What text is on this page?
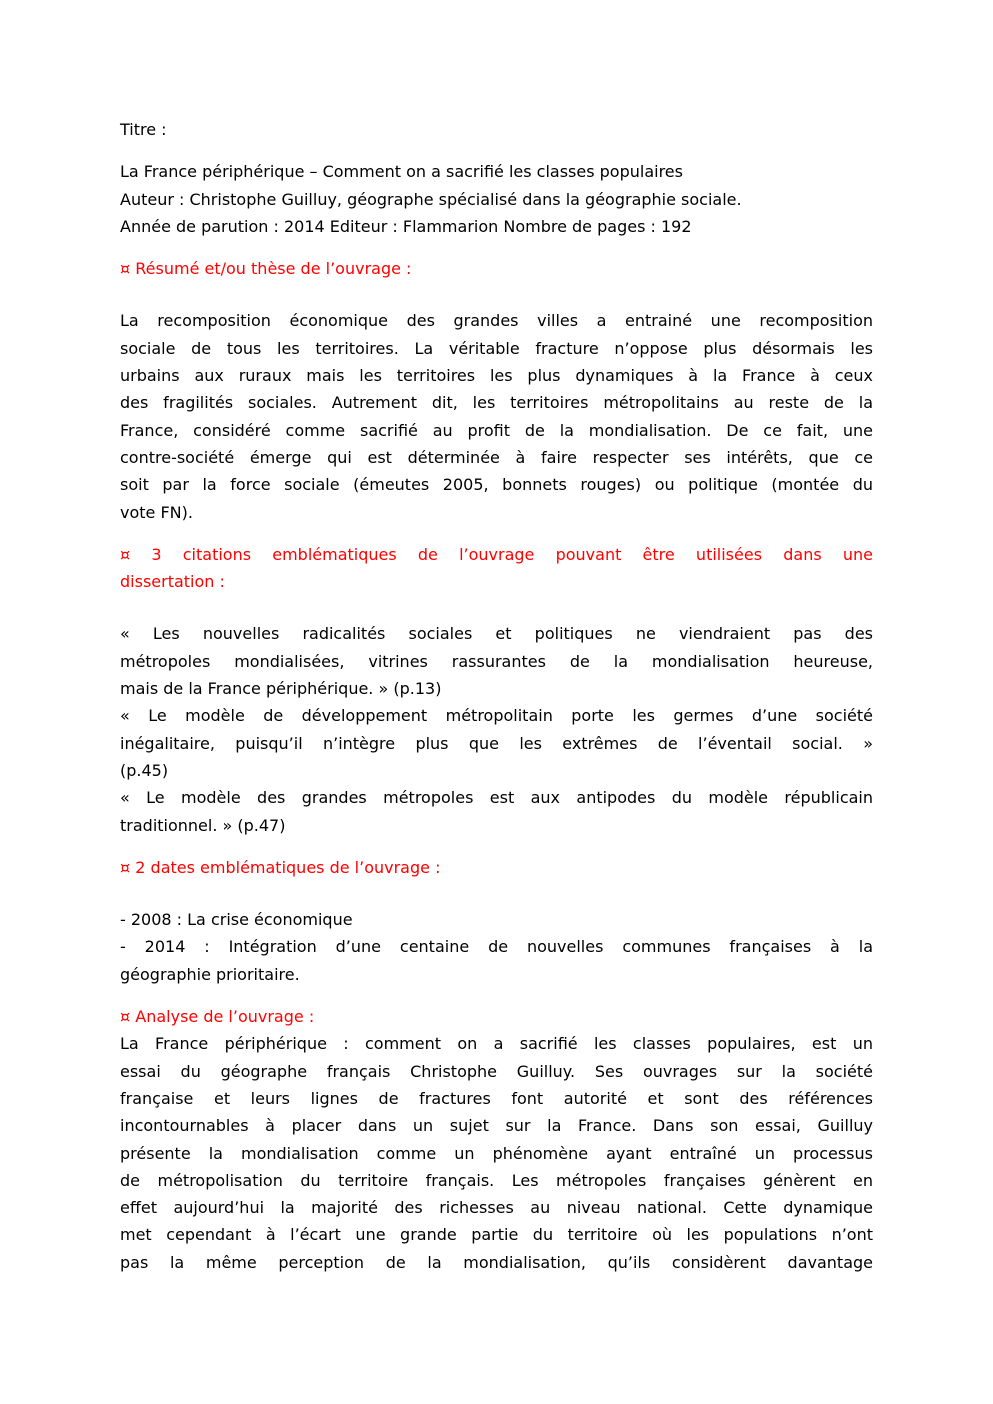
Titre :
La France périphérique – Comment on a sacrifié les classes populaires
Auteur : Christophe Guilluy, géographe spécialisé dans la géographie sociale.
Année de parution : 2014 Editeur : Flammarion Nombre de pages : 192
¤ Résumé et/ou thèse de l’ouvrage :
La recomposition économique des grandes villes a entrainé une recomposition
sociale de tous les territoires. La véritable fracture n’oppose plus désormais les
urbains aux ruraux mais les territoires les plus dynamiques à la France à ceux
des fragilités sociales. Autrement dit, les territoires métropolitains au reste de la
France, considéré comme sacrifié au profit de la mondialisation. De ce fait, une
contre-société émerge qui est déterminée à faire respecter ses intérêts, que ce
soit par la force sociale (émeutes 2005, bonnets rouges) ou politique (montée du
vote FN).
¤ 3 citations emblématiques de l’ouvrage pouvant être utilisées dans une
dissertation :
« Les nouvelles radicalités sociales et politiques ne viendraient pas des
métropoles mondialisées, vitrines rassurantes de la mondialisation heureuse,
mais de la France périphérique. » (p.13)
« Le modèle de développement métropolitain porte les germes d’une société
inégalitaire, puisqu’il n’intègre plus que les extrêmes de l’éventail social. »
(p.45)
« Le modèle des grandes métropoles est aux antipodes du modèle républicain
traditionnel. » (p.47)
¤ 2 dates emblématiques de l’ouvrage :
- 2008 : La crise économique
- 2014 : Intégration d’une centaine de nouvelles communes françaises à la
géographie prioritaire.
¤ Analyse de l’ouvrage :
La France périphérique : comment on a sacrifié les classes populaires, est un
essai du géographe français Christophe Guilluy. Ses ouvrages sur la société
française et leurs lignes de fractures font autorité et sont des références
incontournables à placer dans un sujet sur la France. Dans son essai, Guilluy
présente la mondialisation comme un phénomène ayant entraîné un processus
de métropolisation du territoire français. Les métropoles françaises génèrent en
effet aujourd’hui la majorité des richesses au niveau national. Cette dynamique
met cependant à l’écart une grande partie du territoire où les populations n’ont
pas la même perception de la mondialisation, qu’ils considèrent davantage
